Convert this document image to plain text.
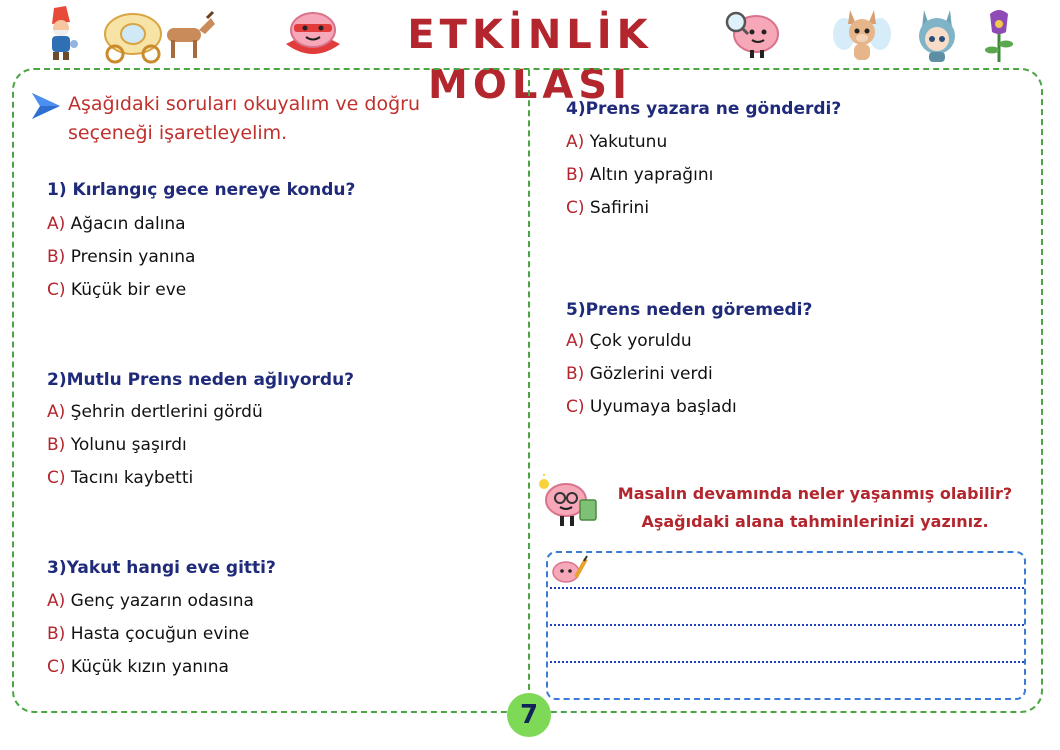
ETKİNLİK MOLASI
Aşağıdaki soruları okuyalım ve doğru
seçeneği işaretleyelim.
1) Kırlangıç gece nereye kondu?
A) Ağacın dalına
B) Prensin yanına
C) Küçük bir eve
2)Mutlu Prens neden ağlıyordu?
A) Şehrin dertlerini gördü
B) Yolunu şaşırdı
C) Tacını kaybetti
3)Yakut hangi eve gitti?
A) Genç yazarın odasına
B) Hasta çocuğun evine
C) Küçük kızın yanına
4)Prens yazara ne gönderdi?
A) Yakutunu
B) Altın yaprağını
C) Safirini
5)Prens neden göremedi?
A) Çok yoruldu
B) Gözlerini verdi
C) Uyumaya başladı
Masalın devamında neler yaşanmış olabilir?
Aşağıdaki alana tahminlerinizi yazınız.
7
